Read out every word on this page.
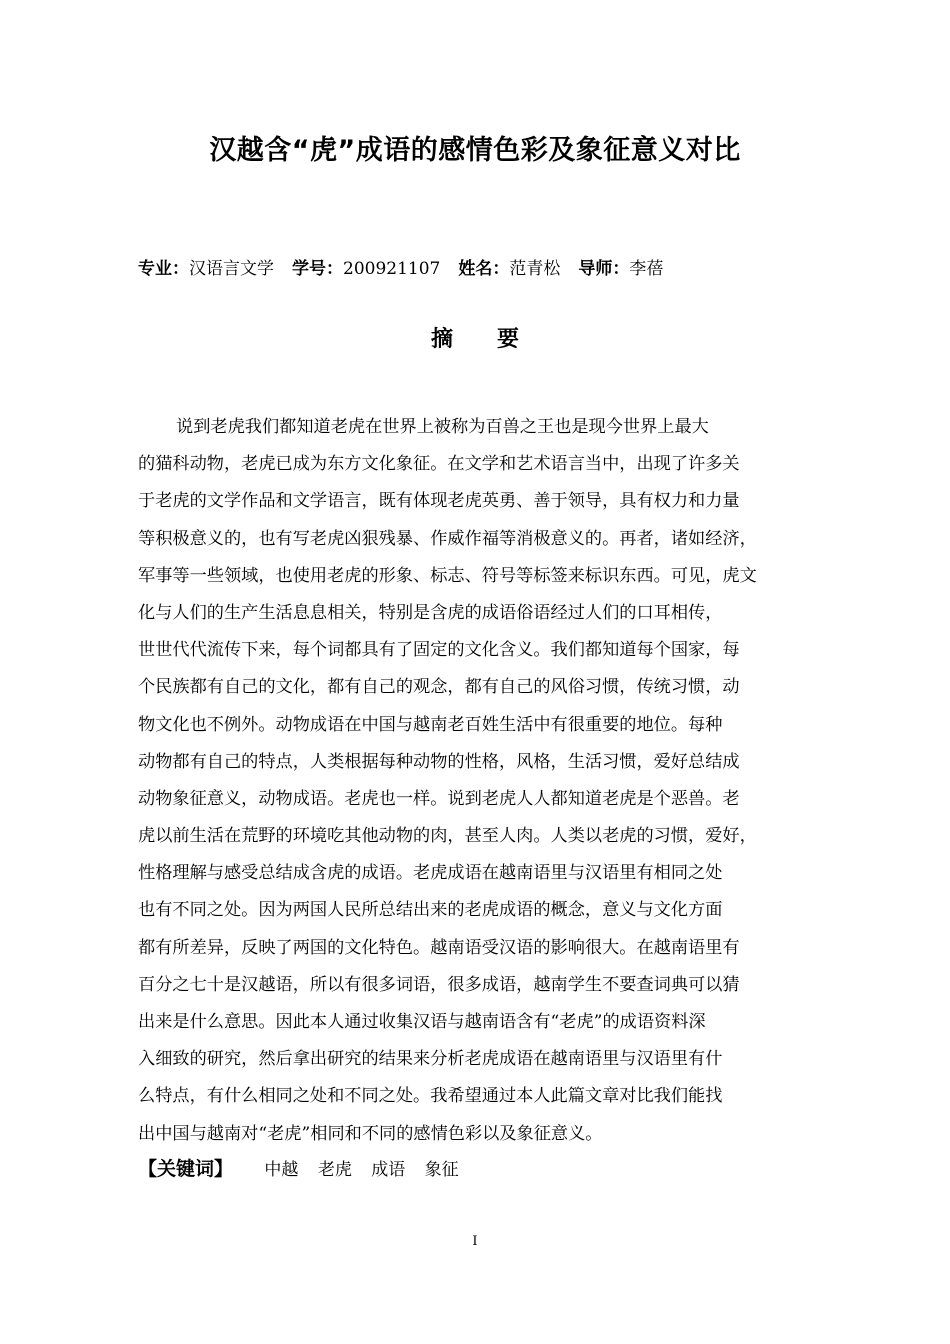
汉越含“虎”成语的感情色彩及象征意义对比
专业：汉语言文学 学号：200921107 姓名：范青松 导师：李蓓
摘要
说到老虎我们都知道老虎在世界上被称为百兽之王也是现今世界上最大
的猫科动物，老虎已成为东方文化象征。在文学和艺术语言当中，出现了许多关
于老虎的文学作品和文学语言，既有体现老虎英勇、善于领导，具有权力和力量
等积极意义的，也有写老虎凶狠残暴、作威作福等消极意义的。再者，诸如经济，
军事等一些领域，也使用老虎的形象、标志、符号等标签来标识东西。可见，虎文
化与人们的生产生活息息相关，特别是含虎的成语俗语经过人们的口耳相传，
世世代代流传下来，每个词都具有了固定的文化含义。我们都知道每个国家，每
个民族都有自己的文化，都有自己的观念，都有自己的风俗习惯，传统习惯，动
物文化也不例外。动物成语在中国与越南老百姓生活中有很重要的地位。每种
动物都有自己的特点，人类根据每种动物的性格，风格，生活习惯，爱好总结成
动物象征意义，动物成语。老虎也一样。说到老虎人人都知道老虎是个恶兽。老
虎以前生活在荒野的环境吃其他动物的肉，甚至人肉。人类以老虎的习惯，爱好，
性格理解与感受总结成含虎的成语。老虎成语在越南语里与汉语里有相同之处
也有不同之处。因为两国人民所总结出来的老虎成语的概念，意义与文化方面
都有所差异，反映了两国的文化特色。越南语受汉语的影响很大。在越南语里有
百分之七十是汉越语，所以有很多词语，很多成语，越南学生不要查词典可以猜
出来是什么意思。因此本人通过收集汉语与越南语含有“老虎”的成语资料深
入细致的研究，然后拿出研究的结果来分析老虎成语在越南语里与汉语里有什
么特点，有什么相同之处和不同之处。我希望通过本人此篇文章对比我们能找
出中国与越南对“老虎”相同和不同的感情色彩以及象征意义。
【关键词】 中越 老虎 成语 象征
I
